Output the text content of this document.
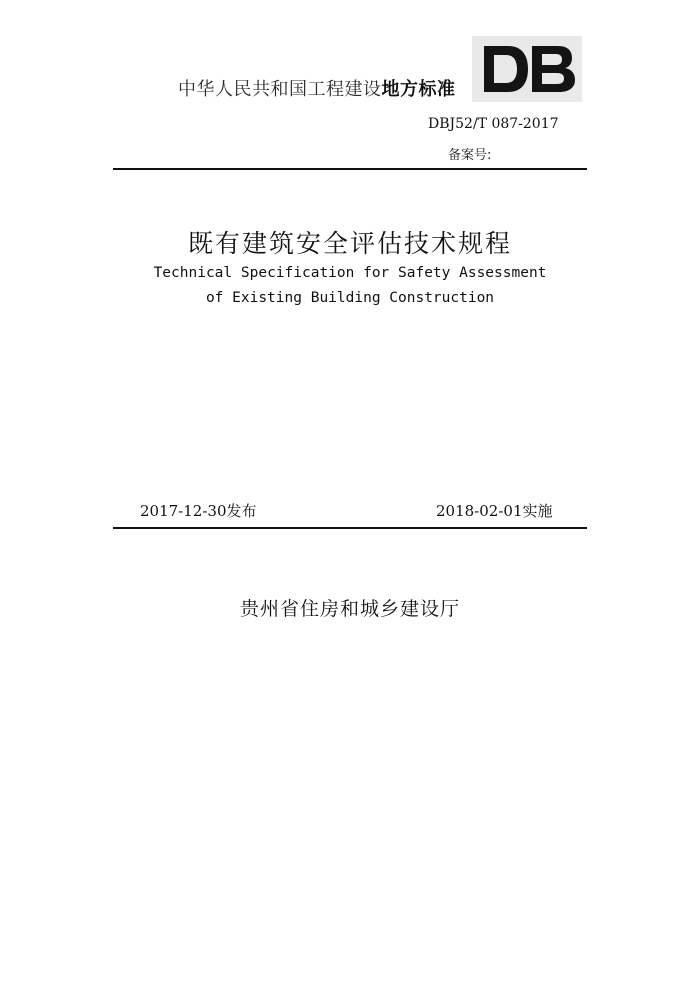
中华人民共和国工程建设地方标准
DBJ52/T 087-2017
备案号:
既有建筑安全评估技术规程
Technical Specification for Safety Assessment
of Existing Building Construction
2017-12-30发布	2018-02-01实施
贵州省住房和城乡建设厅
